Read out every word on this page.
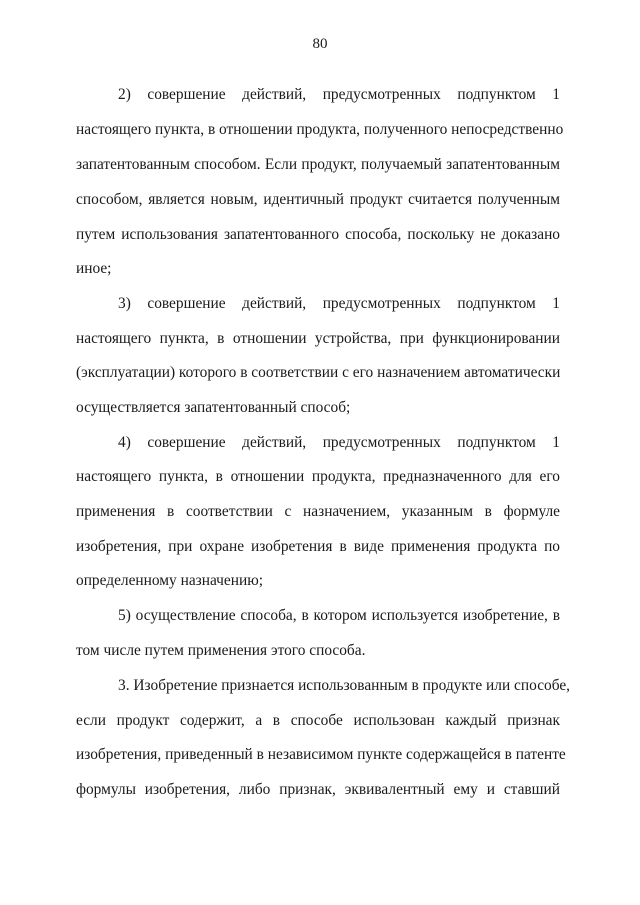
80
2) совершение действий, предусмотренных подпунктом 1
настоящего пункта, в отношении продукта, полученного непосредственно
запатентованным способом. Если продукт, получаемый запатентованным
способом, является новым, идентичный продукт считается полученным
путем использования запатентованного способа, поскольку не доказано
иное;
3) совершение действий, предусмотренных подпунктом 1
настоящего пункта, в отношении устройства, при функционировании
(эксплуатации) которого в соответствии с его назначением автоматически
осуществляется запатентованный способ;
4) совершение действий, предусмотренных подпунктом 1
настоящего пункта, в отношении продукта, предназначенного для его
применения в соответствии с назначением, указанным в формуле
изобретения, при охране изобретения в виде применения продукта по
определенному назначению;
5) осуществление способа, в котором используется изобретение, в
том числе путем применения этого способа.
3. Изобретение признается использованным в продукте или способе,
если продукт содержит, а в способе использован каждый признак
изобретения, приведенный в независимом пункте содержащейся в патенте
формулы изобретения, либо признак, эквивалентный ему и ставший
